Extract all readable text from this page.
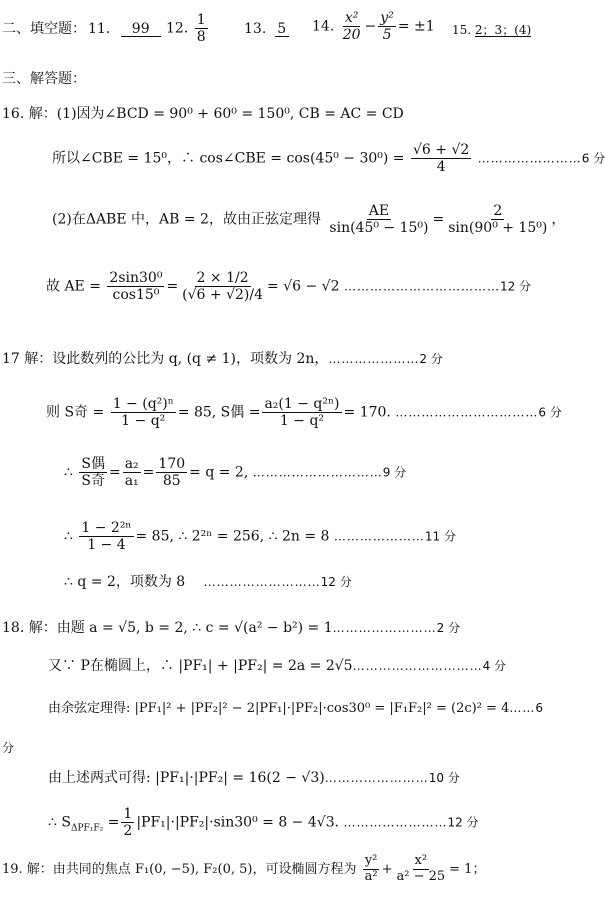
二、填空题： 11. 99	12. $\frac{1}{8}$	13. 5 14. $\frac{\text{x²}}{20} - \frac{\text{y²}}{5} = \pm 1$ 15. 2；3；(4)
三、解答题：
16. 解：(1)因为∠BCD = 90⁰ + 60⁰ = 150⁰, CB = AC = CD
所以∠CBE = 15⁰，∴ cos∠CBE = $\cos(45^0 - 30^0) = \frac{√6 + √2}{4}$ ……………………6 分
(2)在ΔABE 中，AB = 2，故由正弦定理得 $\frac{AE}{\text{sin(45⁰ − 15⁰)}} = \frac{2}{\text{sin(90⁰ + 15⁰)}}$ ，
故 AE = $\frac{\text{2sin30⁰}}{\text{cos15⁰}} = \frac{2 \times 1/2}{(√6 + √2)/4} = √6 - √2$ ………………………………12 分
17 解：设此数列的公比为 q, (q ≠ 1)，项数为 2n，…………………2 分
则 S奇 = $\frac{\text{1 − (q²)ⁿ}}{\text{1 − q²}} = 85$, S偶 = $\frac{\text{a₂(1 − q²ⁿ)}}{\text{1 − q²}} = 170$. ……………………………6 分
∴ $\frac{\text{S偶}}{\text{S奇}} = \frac{\text{a₂}}{\text{a₁}} = \frac{170}{85} = q = 2$, …………………………9 分
∴ $\frac{\text{1 − 2²ⁿ}}{1 - 4} = 85$, ∴ 2²ⁿ = 256, ∴ 2n = 8 …………………11 分
∴ q = 2，项数为 8 ………………………12 分
18. 解：由题 a = √5, b = 2, ∴ c = √(a² − b²) = 1……………………2 分
又∵ P在椭圆上，∴ |PF₁| + |PF₂| = 2a = 2√5…………………………4 分
由余弦定理得: |PF₁|² + |PF₂|² − 2|PF₁|·|PF₂|·cos30⁰ = |F₁F₂|² = (2c)² = 4……6
分
由上述两式可得: |PF₁|·|PF₂| = 16(2 − √3)……………………10 分
∴ $S_{\Delta PF_1F_2} = \frac{1}{2} |PF_1|\cdot|PF_2|\cdot\sin 30^0 = 8 - 4√3$. ……………………12 分
19. 解：由共同的焦点 F₁(0, −5), F₂(0, 5)，可设椭圆方程为 $\frac{\text{y²}}{\text{a²}} + \frac{\text{x²}}{\text{a² − 25}} = 1$；
